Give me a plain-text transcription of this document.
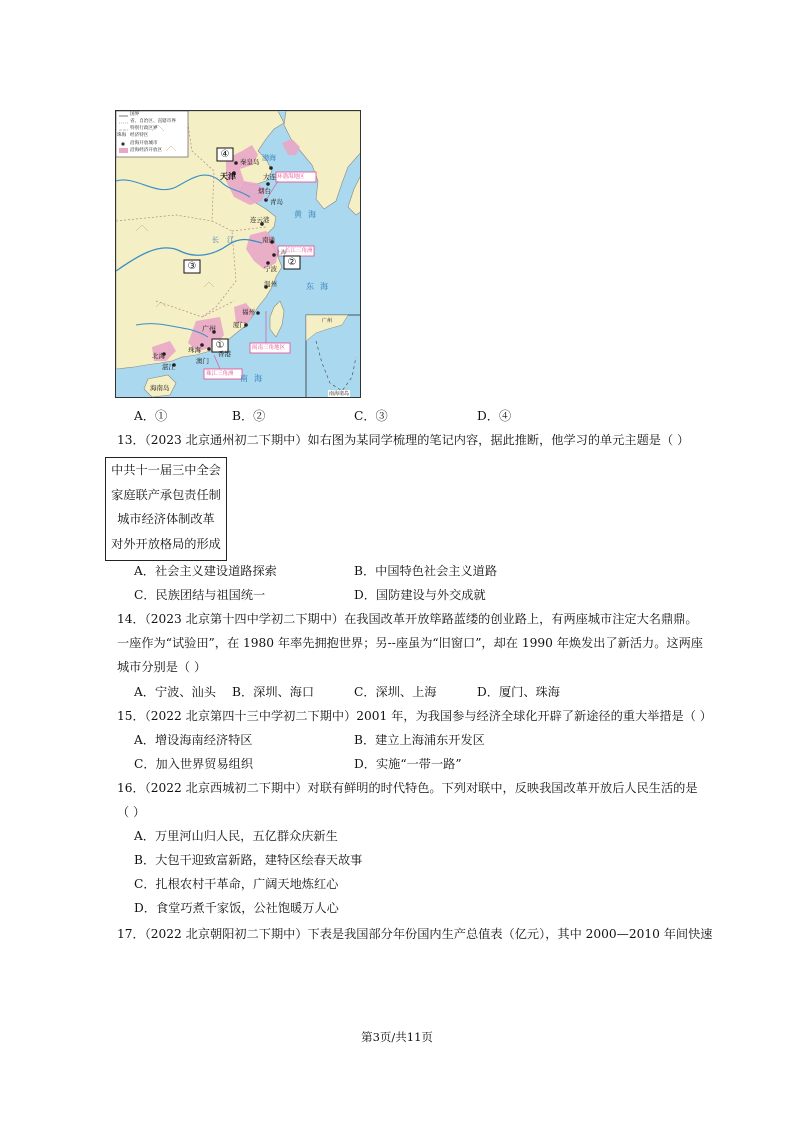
国界
省、自治区、直辖市界
特别行政区界
珠海 经济特区
沿海开放城市
沿海经济开放区
秦皇岛
天津	大连
烟台
青岛
连云港
南通
宁波
温州
福州
厦门
广州
珠海
澳门
香港
北海
湛江
海南岛
上海
环渤海地区
长江三角洲
闽南三角地区
珠江三角洲
渤海
黄海
东海
南海
长江
④
②
③
①
广州
南海诸岛
A．①	B．②	C．③	D．④
13．（2023 北京通州初二下期中）如右图为某同学梳理的笔记内容，据此推断，他学习的单元主题是（ ）
中共十一届三中全会
家庭联产承包责任制
城市经济体制改革
对外开放格局的形成
A．社会主义建设道路探索	B．中国特色社会主义道路
C．民族团结与祖国统一	D．国防建设与外交成就
14．（2023 北京第十四中学初二下期中）在我国改革开放筚路蓝缕的创业路上，有两座城市注定大名鼎鼎。
一座作为“试验田”，在 1980 年率先拥抱世界；另--座虽为“旧窗口”，却在 1990 年焕发出了新活力。这两座
城市分别是（ ）
A．宁波、汕头 B．深圳、海口	C．深圳、上海	D．厦门、珠海
15．（2022 北京第四十三中学初二下期中）2001 年，为我国参与经济全球化开辟了新途径的重大举措是（ ）
A．增设海南经济特区	B．建立上海浦东开发区
C．加入世界贸易组织	D．实施“一带一路”
16．（2022 北京西城初二下期中）对联有鲜明的时代特色。下列对联中，反映我国改革开放后人民生活的是
（ ）
A．万里河山归人民，五亿群众庆新生
B．大包干迎致富新路，建特区绘春天故事
C．扎根农村干革命，广阔天地炼红心
D．食堂巧煮千家饭，公社饱暖万人心
17．（2022 北京朝阳初二下期中）下表是我国部分年份国内生产总值表（亿元），其中 2000—2010 年间快速
第3页/共11页
